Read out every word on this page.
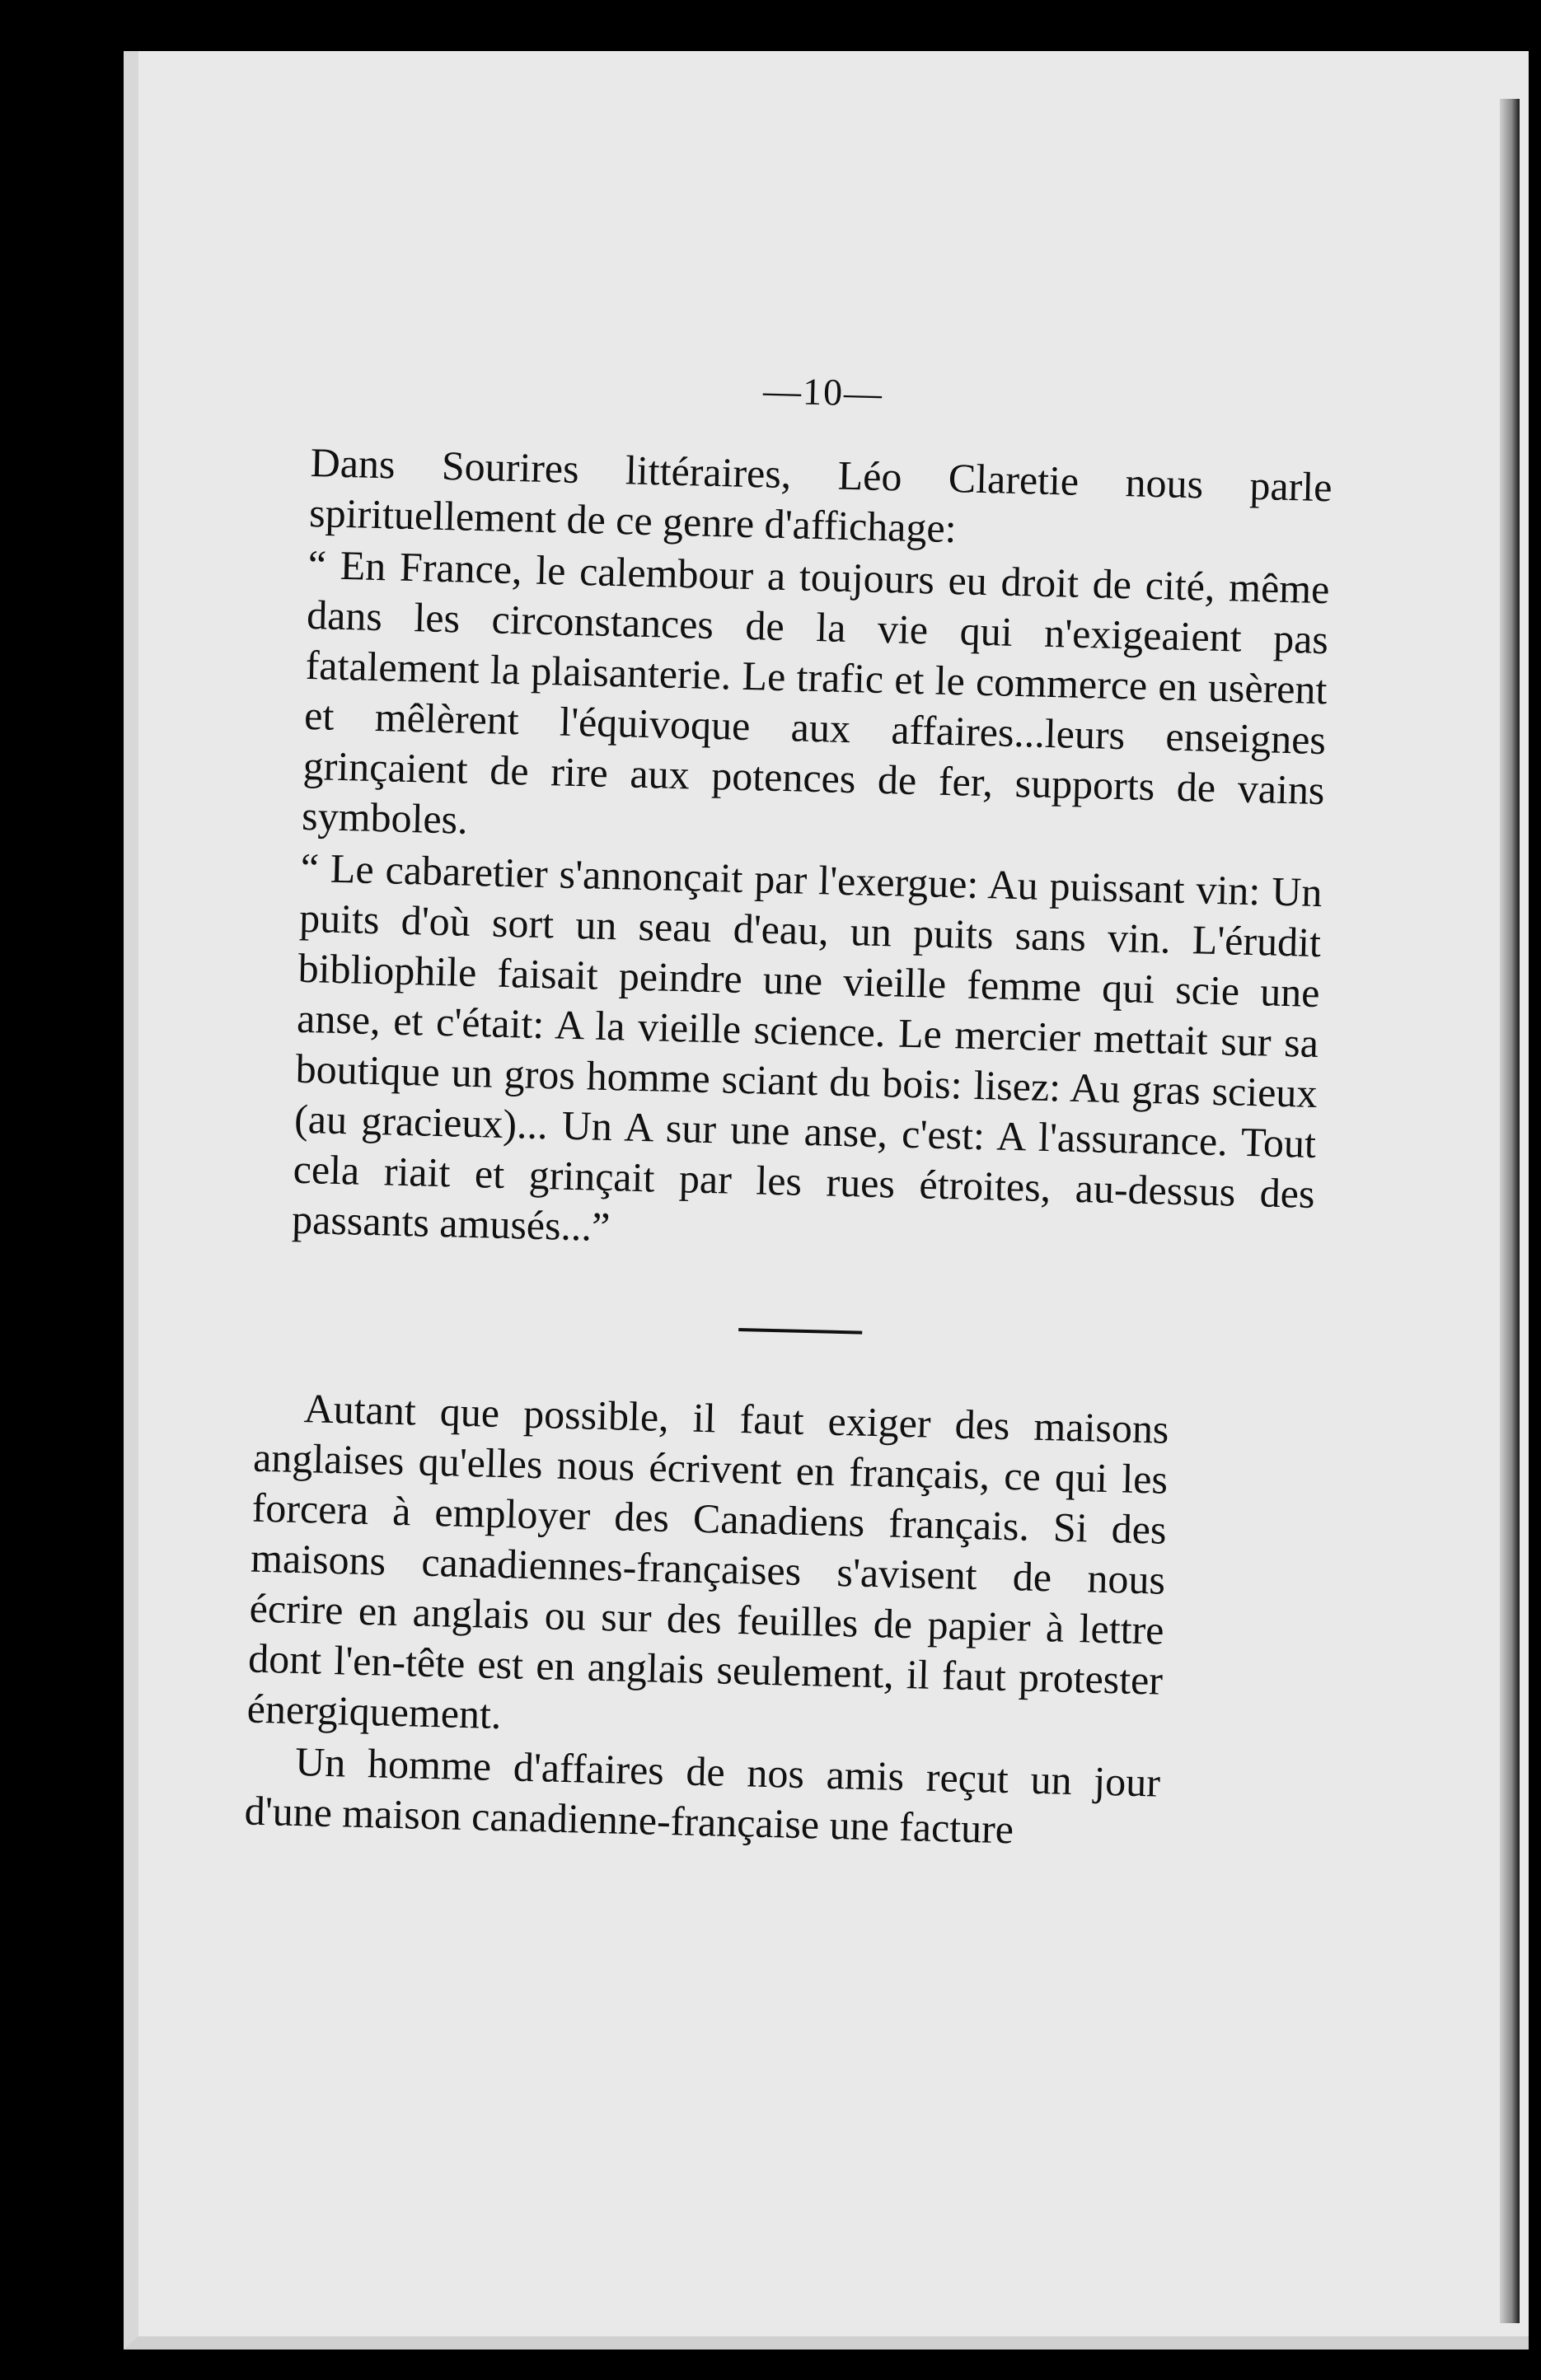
—10—

Dans Sourires littéraires, Léo Claretie nous parle spirituellement de ce genre d'affichage:

“ En France, le calembour a toujours eu droit de cité, même dans les circonstances de la vie qui n'exigeaient pas fatalement la plaisanterie. Le trafic et le commerce en usèrent et mêlèrent l'équivoque aux affaires...leurs enseignes grinçaient de rire aux potences de fer, supports de vains symboles.

“ Le cabaretier s'annonçait par l'exergue: Au puissant vin: Un puits d'où sort un seau d'eau, un puits sans vin. L'érudit bibliophile faisait peindre une vieille femme qui scie une anse, et c'était: A la vieille science. Le mercier mettait sur sa boutique un gros homme sciant du bois: lisez: Au gras scieux (au gracieux)... Un A sur une anse, c'est: A l'assurance. Tout cela riait et grinçait par les rues étroites, au-dessus des passants amusés...”

Autant que possible, il faut exiger des maisons anglaises qu'elles nous écrivent en français, ce qui les forcera à employer des Canadiens français. Si des maisons canadiennes-françaises s'avisent de nous écrire en anglais ou sur des feuilles de papier à lettre dont l'en-tête est en anglais seulement, il faut protester énergiquement.

Un homme d'affaires de nos amis reçut un jour d'une maison canadienne-française une facture
